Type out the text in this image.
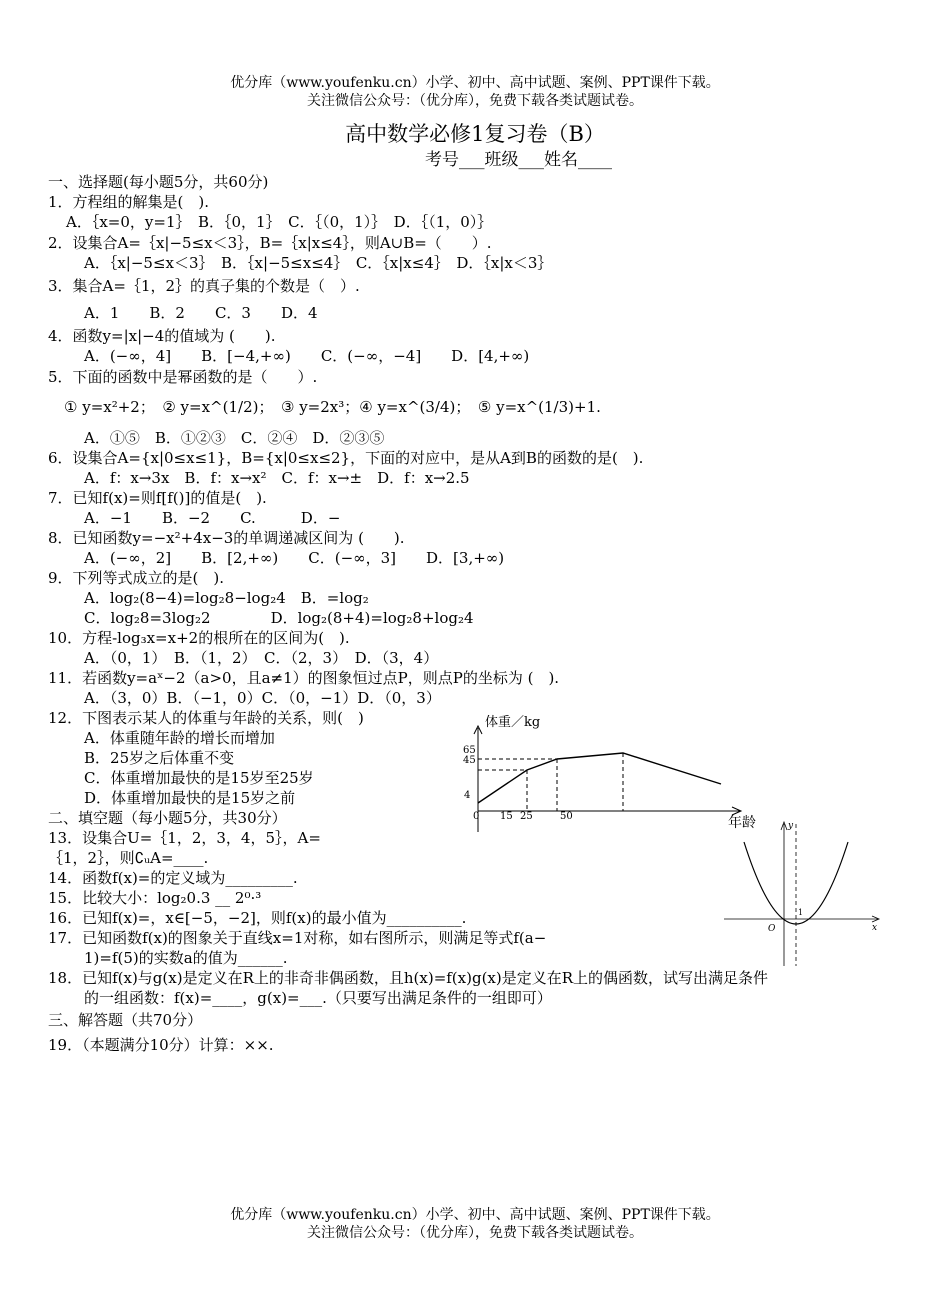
优分库（www.youfenku.cn）小学、初中、高中试题、案例、PPT课件下载。
关注微信公众号：（优分库），免费下载各类试题试卷。
高中数学必修1复习卷（B）
考号___班级___姓名____
一、选择题(每小题5分，共60分)
1．方程组的解集是(　).
A．｛x=0，y=1｝　B．｛0，1｝　C．｛（0，1）｝　D．｛（1，0）｝
2．设集合A=｛x|−5≤x＜3｝，B=｛x|x≤4｝，则A∪B=（　　）.
A．｛x|−5≤x＜3｝　B．｛x|−5≤x≤4｝　C．｛x|x≤4｝　D．｛x|x＜3｝
3．集合A=｛1，2｝的真子集的个数是（　）.
A．1　　B．2　　C．3　　D．4
4．函数y=|x|−4的值域为 (　　).
A．(−∞，4]　　B．[−4,+∞)　　C．(−∞，−4]　　D．[4,+∞)
5．下面的函数中是幂函数的是（　　）.
① y=x²+2；　② y=x^(1/2)；　③ y=2x³；④ y=x^(3/4)；　⑤ y=x^(1/3)+1.
A．①⑤　B．①②③　C．②④　D．②③⑤
6．设集合A={x|0≤x≤1}，B={x|0≤x≤2}，下面的对应中，是从A到B的函数的是(　).
A．f：x→3x　B．f：x→x²　C．f：x→±　D．f：x→2.5
7．已知f(x)=则f[f()]的值是(　).
A．−1　　B．−2　　C.　　　D．−
8．已知函数y=−x²+4x−3的单调递减区间为 (　　).
A．(−∞，2]　　B．[2,+∞)　　C．(−∞，3]　　D．[3,+∞)
9．下列等式成立的是(　).
A．log₂(8−4)=log₂8−log₂4　B．=log₂
C．log₂8=3log₂2　　　　D．log₂(8+4)=log₂8+log₂4
10．方程-log₃x=x+2的根所在的区间为(　).
A．（0，1）　B．（1，2）　C．（2，3）　D．（3，4）
11．若函数y=aˣ−2（a>0，且a≠1）的图象恒过点P，则点P的坐标为 (　).
A．（3，0）B．（−1，0）C．（0，−1）D．（0，3）
12．下图表示某人的体重与年龄的关系，则(　)
A．体重随年龄的增长而增加
B．25岁之后体重不变
C．体重增加最快的是15岁至25岁
D．体重增加最快的是15岁之前
二、填空题（每小题5分，共30分）
13．设集合U=｛1，2，3，4，5｝，A=
｛1，2｝，则∁ᵤA=____.
14．函数f(x)=的定义域为_________.
15．比较大小：log₂0.3 __ 2⁰·³
16．已知f(x)=，x∈[−5，−2]，则f(x)的最小值为__________.
17．已知函数f(x)的图象关于直线x=1对称，如右图所示，则满足等式f(a−
1)=f(5)的实数a的值为______.
18．已知f(x)与g(x)是定义在R上的非奇非偶函数，且h(x)=f(x)g(x)是定义在R上的偶函数，试写出满足条件
的一组函数：f(x)=____，g(x)=___.（只要写出满足条件的一组即可）
三、解答题（共70分）
19．（本题满分10分）计算：××.
体重／kg
65
45
4
0 15 25	50	年龄	y
x
O
1
优分库（www.youfenku.cn）小学、初中、高中试题、案例、PPT课件下载。
关注微信公众号：（优分库），免费下载各类试题试卷。
